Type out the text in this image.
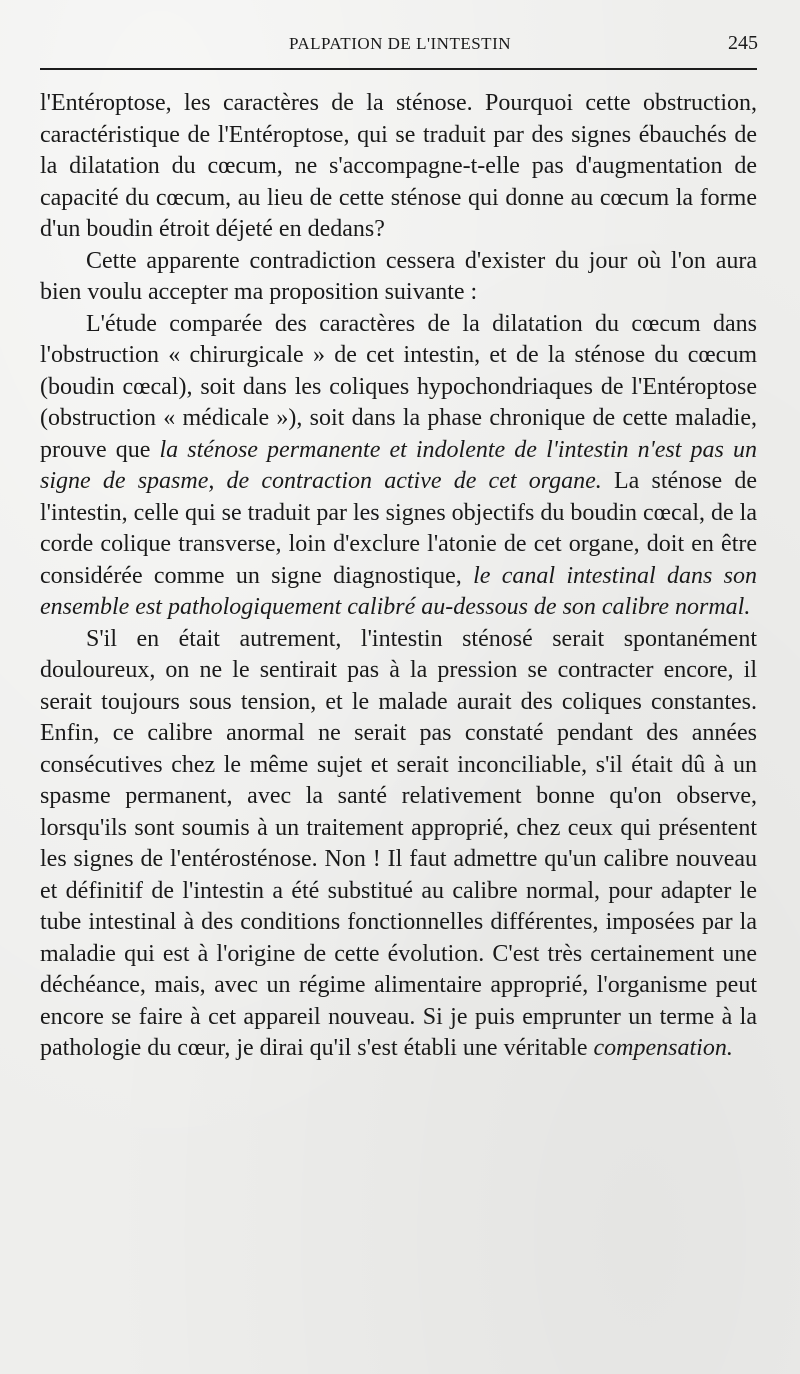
PALPATION DE L'INTESTIN	245

l'Entéroptose, les caractères de la sténose. Pourquoi cette obstruction, caractéristique de l'Entéroptose, qui se traduit par des signes ébauchés de la dilatation du cœcum, ne s'accompagne-t-elle pas d'augmentation de capacité du cœcum, au lieu de cette sténose qui donne au cœcum la forme d'un boudin étroit déjeté en dedans?

Cette apparente contradiction cessera d'exister du jour où l'on aura bien voulu accepter ma proposition suivante :

L'étude comparée des caractères de la dilatation du cœcum dans l'obstruction « chirurgicale » de cet intestin, et de la sténose du cœcum (boudin cœcal), soit dans les coliques hypochondriaques de l'Entéroptose (obstruction « médicale »), soit dans la phase chronique de cette maladie, prouve que la sténose permanente et indolente de l'intestin n'est pas un signe de spasme, de contraction active de cet organe. La sténose de l'intestin, celle qui se traduit par les signes objectifs du boudin cœcal, de la corde colique transverse, loin d'exclure l'atonie de cet organe, doit en être considérée comme un signe diagnostique, le canal intestinal dans son ensemble est pathologiquement calibré au-dessous de son calibre normal.

S'il en était autrement, l'intestin sténosé serait spontanément douloureux, on ne le sentirait pas à la pression se contracter encore, il serait toujours sous tension, et le malade aurait des coliques constantes. Enfin, ce calibre anormal ne serait pas constaté pendant des années consécutives chez le même sujet et serait inconciliable, s'il était dû à un spasme permanent, avec la santé relativement bonne qu'on observe, lorsqu'ils sont soumis à un traitement approprié, chez ceux qui présentent les signes de l'entérosténose. Non ! Il faut admettre qu'un calibre nouveau et définitif de l'intestin a été substitué au calibre normal, pour adapter le tube intestinal à des conditions fonctionnelles différentes, imposées par la maladie qui est à l'origine de cette évolution. C'est très certainement une déchéance, mais, avec un régime alimentaire approprié, l'organisme peut encore se faire à cet appareil nouveau. Si je puis emprunter un terme à la pathologie du cœur, je dirai qu'il s'est établi une véritable compensation.
